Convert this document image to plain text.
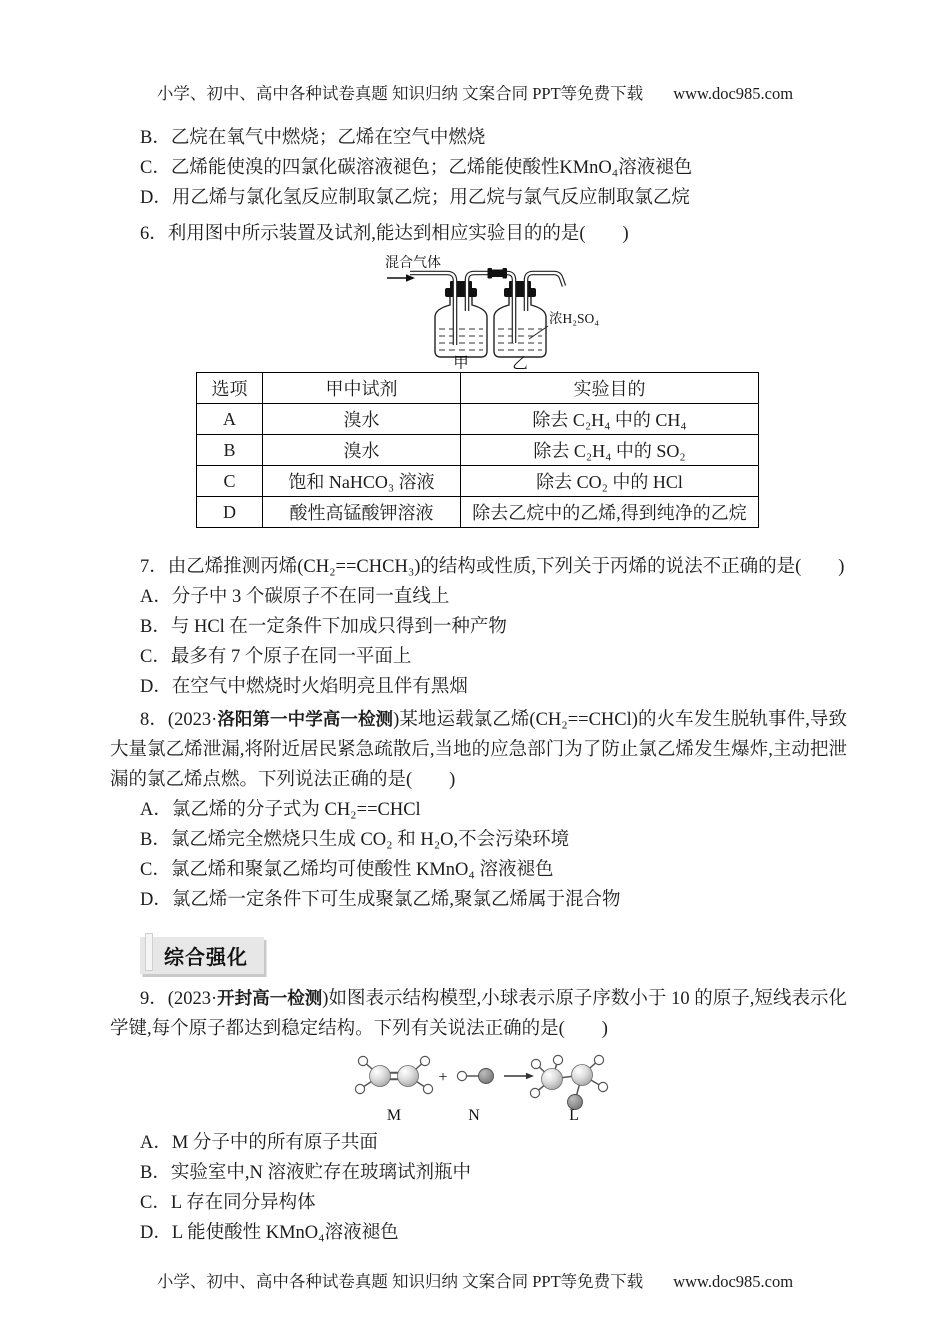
小学、初中、高中各种试卷真题 知识归纳 文案合同 PPT等免费下载 www.doc985.com
B．乙烷在氧气中燃烧；乙烯在空气中燃烧
C．乙烯能使溴的四氯化碳溶液褪色；乙烯能使酸性KMnO₄溶液褪色
D．用乙烯与氯化氢反应制取氯乙烷；用乙烷与氯气反应制取氯乙烷
6．利用图中所示装置及试剂,能达到相应实验目的的是(　　)
混合气体
浓H₂SO₄
甲	乙
选项	甲中试剂	实验目的
A	溴水	除去 C₂H₄ 中的 CH₄
B	溴水	除去 C₂H₄ 中的 SO₂
C	饱和 NaHCO₃ 溶液	除去 CO₂ 中的 HCl
D	酸性高锰酸钾溶液	除去乙烷中的乙烯,得到纯净的乙烷
7．由乙烯推测丙烯(CH₂==CHCH₃)的结构或性质,下列关于丙烯的说法不正确的是(　　)
A．分子中 3 个碳原子不在同一直线上
B．与 HCl 在一定条件下加成只得到一种产物
C．最多有 7 个原子在同一平面上
D．在空气中燃烧时火焰明亮且伴有黑烟
8．(2023·洛阳第一中学高一检测)某地运载氯乙烯(CH₂==CHCl)的火车发生脱轨事件,导致大量氯乙烯泄漏,将附近居民紧急疏散后,当地的应急部门为了防止氯乙烯发生爆炸,主动把泄漏的氯乙烯点燃。下列说法正确的是(　　)
A．氯乙烯的分子式为 CH₂==CHCl
B．氯乙烯完全燃烧只生成 CO₂ 和 H₂O,不会污染环境
C．氯乙烯和聚氯乙烯均可使酸性 KMnO₄ 溶液褪色
D．氯乙烯一定条件下可生成聚氯乙烯,聚氯乙烯属于混合物
综合强化
9．(2023·开封高一检测)如图表示结构模型,小球表示原子序数小于 10 的原子,短线表示化学键,每个原子都达到稳定结构。下列有关说法正确的是(　　)
M
+
N	L
A．M 分子中的所有原子共面
B．实验室中,N 溶液贮存在玻璃试剂瓶中
C．L 存在同分异构体
D．L 能使酸性 KMnO₄溶液褪色
小学、初中、高中各种试卷真题 知识归纳 文案合同 PPT等免费下载 www.doc985.com
